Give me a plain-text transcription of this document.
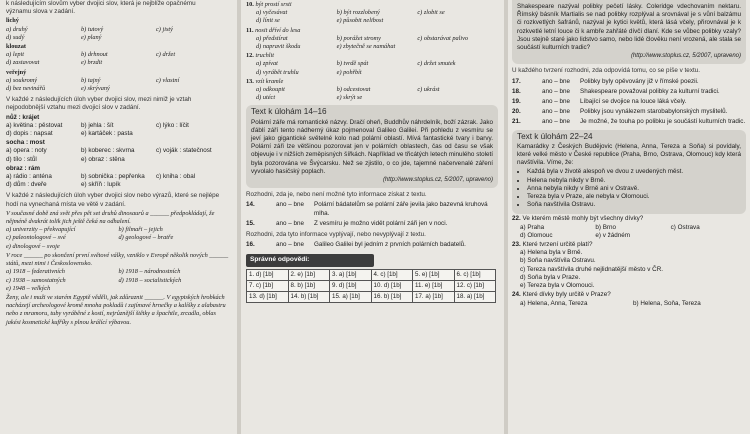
k následujícím slovům vyber dvojici slov, která je nejblíže opačnému
významu slova v zadání.
lichý
a) druhý	b) tutový	c) jistý
d) sudý	e) planý
klouzat
a) lepit	b) drhnout	c) držet
d) zastavovat	e) brzdit
veřejný
a) soukromý	b) tajný	c) vlastní
d) bez nevinářů	e) skrývaný
V každé z následujících úloh vyber dvojici slov, mezi nimiž je vztah nejpodobnější vztahu mezi dvojicí slov v zadání.
nůž : krájet
a) květina : pěstovat	b) jehla : šít	c) lýko : líčit
d) dopis : napsat	e) kartáček : pasta
socha : most
a) opera : noty	b) koberec : skvrna	c) voják : statečnost
d) tílo : stůl	e) obraz : stěna
obraz : rám
a) rádio : anténa	b) sobnička : pepřenka	c) kniha : obal
d) dům : dveře	e) skříň : lupík
V každé z následujících úloh vyber dvojici slov nebo výrazů, které se nejlépe hodí na vynechaná místa ve větě v zadání.
V současné době zná svět přes pět set druhů dinosaurů a ______ předpokládají, že nějméně dvakrát tolik jich ještě čeká na odhalení.
a) univerzity – překvapující	b) filmaři – jejich
c) paleontologové – své	d) geologové – bratře
e) dinologové – svoje
V roce ______ po skončení první světové války, vzniklo v Evropě několik nových ______ států, mezi nimi i Československo.
a) 1918 – federativních	b) 1918 – národnostních
c) 1938 – samostatných	d) 1918 – socialistických
e) 1948 – velkých
Ženy, ale i muži ve starém Egyptě věděli, jak zdůraznit ______. V egyptských hrobkách nacházejí archeologové kromě mnoha pokladů i zajímavé hrnečky a kalíšky z alabastru nebo z mramoru, tuby vyráběné z kostí, nejrůznější štětky a špachtle, zrcadla, oblas jakési kosmetické kufříky s plnou králící výbavou.
10. být prostí srsti
a) vyčesávat	b) být rozzlobený	c) zlobit se
d) línit se	e) působit nelibost
11. nosit dříví do lesa
a) předstírat	b) porážet stromy	c) obstarávat palivo
d) napravit škodu	e) zbytečně se namáhat
12. truchlit
a) zpívat	b) tvrdě spát	c) držet smutek
d) vyrábět truhlu	e) pohřbít
13. vzít kramle
a) odkoupit	b) odcestovat	c) ukrást
d) utéct	e) skrýt se
Text k úlohám 14–16
Polární záře má romantické názvy. Dračí oheň, Buddhův náhrdelník, boží zázrak. Jako ďáblí září tento nádherný úkaz pojmenoval Galileo Galilei. Při pohledu z vesmíru se jeví jako gigantické světelné kolo nad polární oblastí. Mívá fantastické tvary i barvy. Polární záři lze většinou pozorovat jen v polárních oblastech, čas od času se však objevuje i v nižších zeměpisných šířkách. Například ve třicátých letech minulého století byla pozorována ve Švýcarsku. Než se zjistilo, o co jde, tajemné načervenalé záření vyvolalo hasičský poplach.
(http://www.stoplus.cz, 5/2007, upraveno)
Rozhodni, zda je, nebo není možné tyto informace získat z textu.
14.	ano – bne	Polární bádatelům se polární záře jevila jako bazevná kruhová mlha.
15.	ano – bne	Z vesmíru je možno vidět polární záři jen v noci.
Rozhodni, zda tyto informace vyplývají, nebo nevyplývají z textu.
16.	ano – bne	Galileo Galilei byl jedním z prvních polárních badatelů.
Správné odpovědi:
1. d) [1b]	2. e) [1b]	3. a) [1b]	4. c) [1b]	5. e) [1b]	6. c) [1b]
7. c) [1b]	8. b) [1b]	9. d) [1b]	10. d) [1b]	11. e) [1b]	12. c) [1b]
13. d) [1b]	14. b) [1b]	15. a) [1b]	16. b) [1b]	17. a) [1b]	18. a) [1b]
Shakespeare nazýval polibky pečetí lásky. Coleridge vdechovaním nektaru. Římský básník Martialis se nad polibky rozplýval a srovnával je s vůní balzámu či rozkvetlých šafránů, nazýval je kytici květů, která lásá včely, přirovnával je k rozkvetlé letní louce či k ambře zahřáté dívčí dlaní. Kde se vůbec polibky vzaly? Jsou stejně staré jako lidstvo samo, nebo lidé člověku není vrozená, ale stala se součástí kulturních tradic?
(http://www.stoplus.cz, 5/2007, upraveno)
U každého tvrzení rozhodni, zda odpovídá tomu, co se píše v textu.
17.	ano – bne	Polibky byly opěvovány již v římské poezii.
18.	ano – bne	Shakespeare považoval polibky za kulturní tradici.
19.	ano – bne	Líbající se dvojice na louce láká včely.
20.	ano – bne	Polibky jsou vynálezem starobabylonských myslitelů.
21.	ano – bne	Je možné, že touha po polibku je součástí kulturních tradic.
Text k úlohám 22–24
Kamarádky z Českých Budějovic (Helena, Anna, Tereza a Soňa) si povídaly, které velké město v České republice (Praha, Brno, Ostrava, Olomouc) kdy která navštívila. Víme, že:
• Každá byla v životě alespoň ve dvou z uvedených měst.
• Helena nebyla nikdy v Brně.
• Anna nebyla nikdy v Brně ani v Ostravě.
• Tereza byla v Praze, ale nebyla v Olomouci.
• Soňa navštívila Ostravu.
22. Ve kterém městě mohly být všechny dívky?
a) Praha	b) Brno	c) Ostrava
d) Olomouc	e) v žádném
23. Které tvrzení určitě platí?
a) Helena byla v Brně.
b) Soňa navštívila Ostravu.
c) Tereza navštívila druhé nejlidnatější město v ČR.
d) Soňa byla v Praze.
e) Tereza byla v Olomouci.
24. Které dívky byly určitě v Praze?
a) Helena, Anna, Tereza	b) Helena, Soňa, Tereza
